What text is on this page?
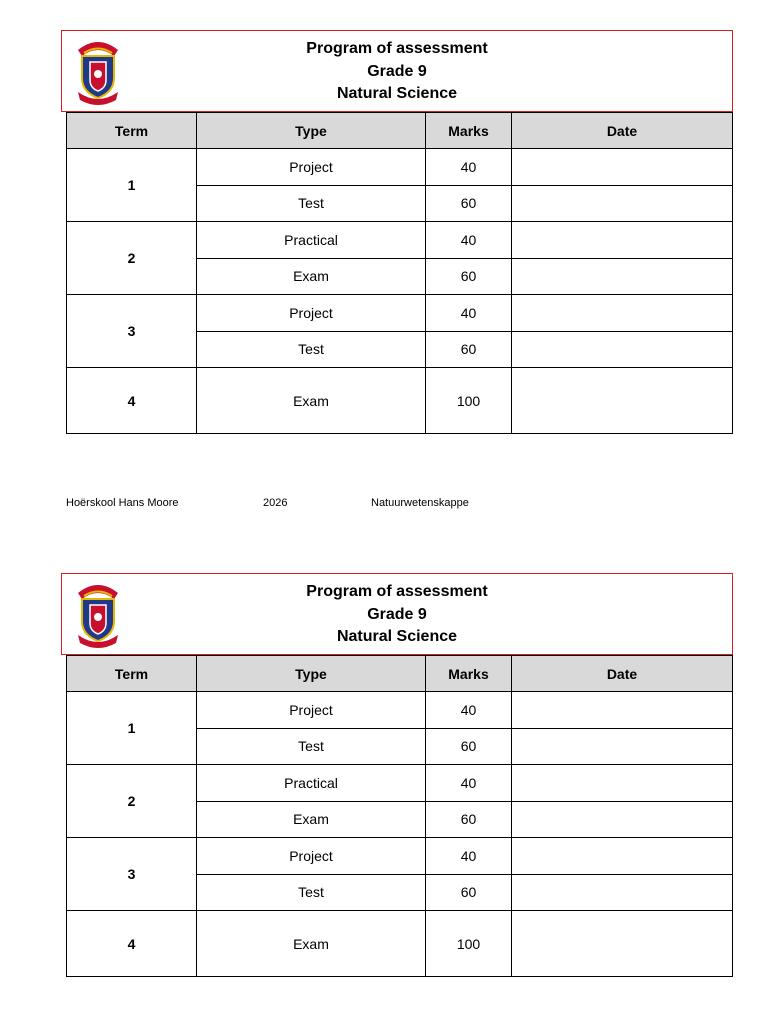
Program of assessment
Grade 9
Natural Science
Term	Type	Marks	Date
1	Project	40	
	Test	60	
2	Practical	40	
	Exam	60	
3	Project	40	
	Test	60	
4	Exam	100	
Hoërskool Hans Moore	2026	Natuurwetenskappe
Program of assessment
Grade 9
Natural Science
Term	Type	Marks	Date
1	Project	40	
	Test	60	
2	Practical	40	
	Exam	60	
3	Project	40	
	Test	60	
4	Exam	100	
